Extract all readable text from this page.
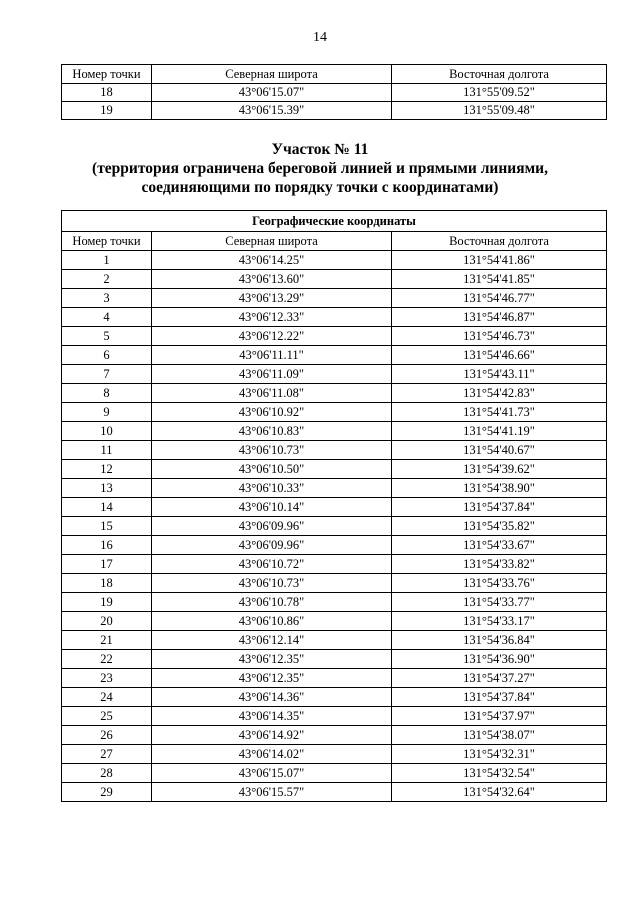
14
Номер точки	Северная широта	Восточная долгота
18	43°06'15.07"	131°55'09.52"
19	43°06'15.39"	131°55'09.48"
Участок № 11
(территория ограничена береговой линией и прямыми линиями,
соединяющими по порядку точки с координатами)
Географические координаты		
Номер точки	Северная широта	Восточная долгота
1	43°06'14.25"	131°54'41.86"
2	43°06'13.60"	131°54'41.85"
3	43°06'13.29"	131°54'46.77"
4	43°06'12.33"	131°54'46.87"
5	43°06'12.22"	131°54'46.73"
6	43°06'11.11"	131°54'46.66"
7	43°06'11.09"	131°54'43.11"
8	43°06'11.08"	131°54'42.83"
9	43°06'10.92"	131°54'41.73"
10	43°06'10.83"	131°54'41.19"
11	43°06'10.73"	131°54'40.67"
12	43°06'10.50"	131°54'39.62"
13	43°06'10.33"	131°54'38.90"
14	43°06'10.14"	131°54'37.84"
15	43°06'09.96"	131°54'35.82"
16	43°06'09.96"	131°54'33.67"
17	43°06'10.72"	131°54'33.82"
18	43°06'10.73"	131°54'33.76"
19	43°06'10.78"	131°54'33.77"
20	43°06'10.86"	131°54'33.17"
21	43°06'12.14"	131°54'36.84"
22	43°06'12.35"	131°54'36.90"
23	43°06'12.35"	131°54'37.27"
24	43°06'14.36"	131°54'37.84"
25	43°06'14.35"	131°54'37.97"
26	43°06'14.92"	131°54'38.07"
27	43°06'14.02"	131°54'32.31"
28	43°06'15.07"	131°54'32.54"
29	43°06'15.57"	131°54'32.64"
